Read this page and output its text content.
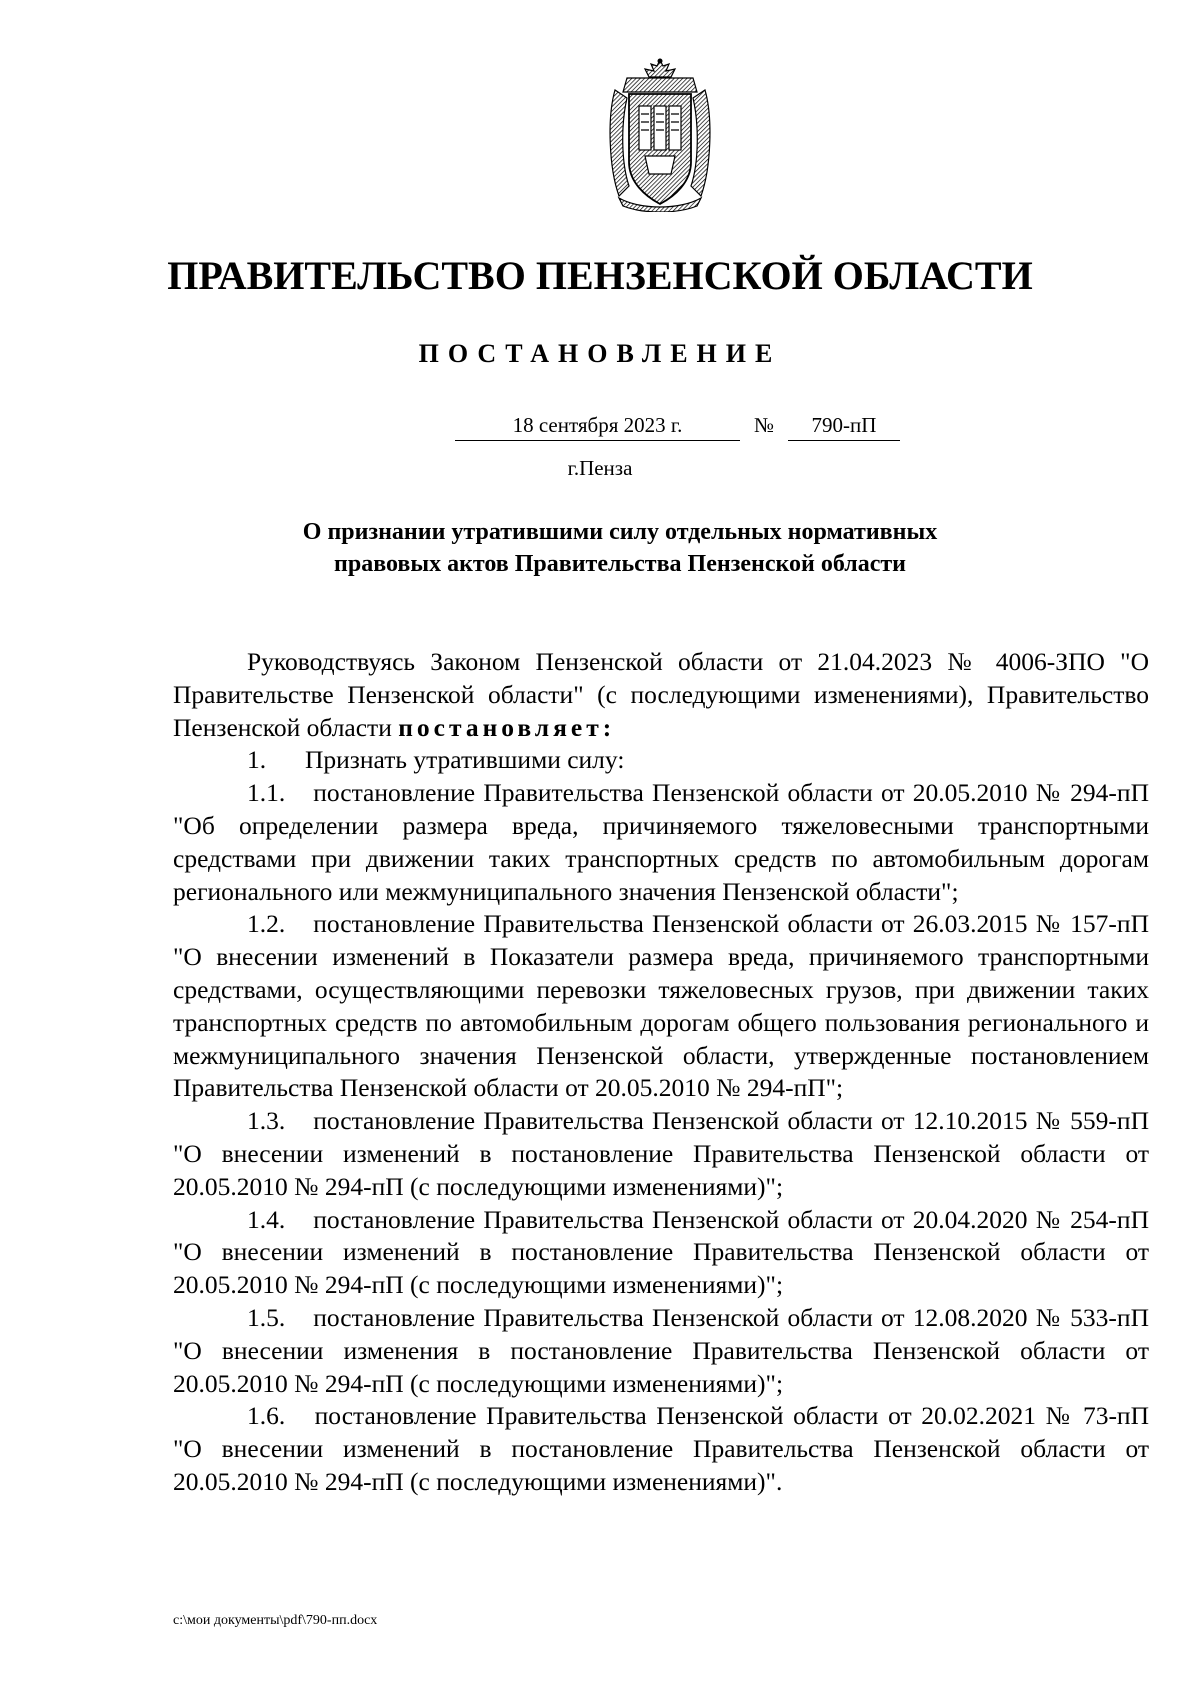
ПРАВИТЕЛЬСТВО ПЕНЗЕНСКОЙ ОБЛАСТИ
ПОСТАНОВЛЕНИЕ
18 сентября 2023 г.	№ 790-пП
г.Пенза
О признании утратившими силу отдельных нормативных
правовых актов Правительства Пензенской области

Руководствуясь Законом Пензенской области от 21.04.2023 № 4006-ЗПО "О Правительстве Пензенской области" (с последующими изменениями), Правительство Пензенской области постановляет:

1. Признать утратившими силу:

1.1. постановление Правительства Пензенской области от 20.05.2010 № 294-пП "Об определении размера вреда, причиняемого тяжеловесными транспортными средствами при движении таких транспортных средств по автомобильным дорогам регионального или межмуниципального значения Пензенской области";

1.2. постановление Правительства Пензенской области от 26.03.2015 № 157-пП "О внесении изменений в Показатели размера вреда, причиняемого транспортными средствами, осуществляющими перевозки тяжеловесных грузов, при движении таких транспортных средств по автомобильным дорогам общего пользования регионального и межмуниципального значения Пензенской области, утвержденные постановлением Правительства Пензенской области от 20.05.2010 № 294-пП";

1.3. постановление Правительства Пензенской области от 12.10.2015 № 559-пП "О внесении изменений в постановление Правительства Пензенской области от 20.05.2010 № 294-пП (с последующими изменениями)";

1.4. постановление Правительства Пензенской области от 20.04.2020 № 254-пП "О внесении изменений в постановление Правительства Пензенской области от 20.05.2010 № 294-пП (с последующими изменениями)";

1.5. постановление Правительства Пензенской области от 12.08.2020 № 533-пП "О внесении изменения в постановление Правительства Пензенской области от 20.05.2010 № 294-пП (с последующими изменениями)";

1.6. постановление Правительства Пензенской области от 20.02.2021 № 73-пП "О внесении изменений в постановление Правительства Пензенской области от 20.05.2010 № 294-пП (с последующими изменениями)".

c:\мои документы\pdf\790-пп.docx
